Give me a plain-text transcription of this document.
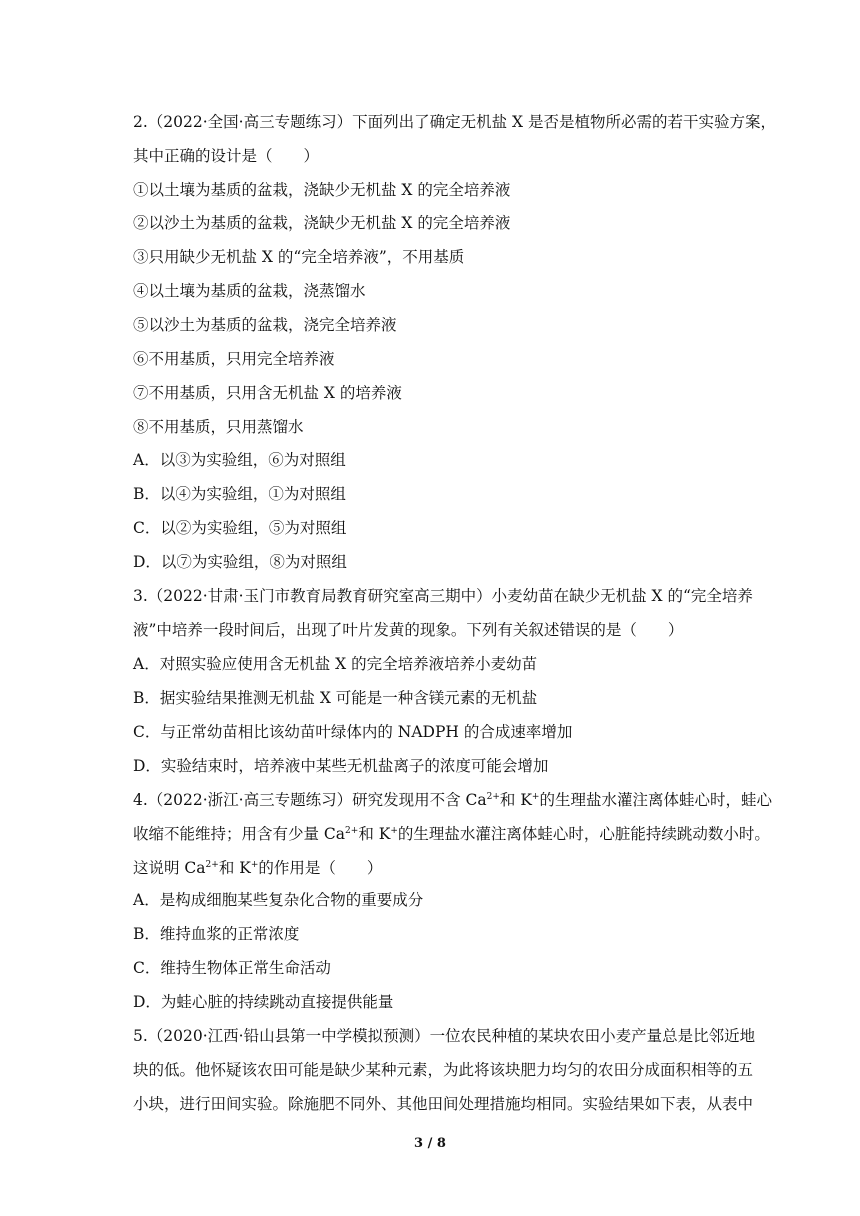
2.（2022·全国·高三专题练习）下面列出了确定无机盐 X 是否是植物所必需的若干实验方案，
其中正确的设计是（　　）
①以土壤为基质的盆栽，浇缺少无机盐 X 的完全培养液
②以沙土为基质的盆栽，浇缺少无机盐 X 的完全培养液
③只用缺少无机盐 X 的“完全培养液”，不用基质
④以土壤为基质的盆栽，浇蒸馏水
⑤以沙土为基质的盆栽，浇完全培养液
⑥不用基质，只用完全培养液
⑦不用基质，只用含无机盐 X 的培养液
⑧不用基质，只用蒸馏水
A．以③为实验组，⑥为对照组
B．以④为实验组，①为对照组
C．以②为实验组，⑤为对照组
D．以⑦为实验组，⑧为对照组
3.（2022·甘肃·玉门市教育局教育研究室高三期中）小麦幼苗在缺少无机盐 X 的“完全培养
液”中培养一段时间后，出现了叶片发黄的现象。下列有关叙述错误的是（　　）
A．对照实验应使用含无机盐 X 的完全培养液培养小麦幼苗
B．据实验结果推测无机盐 X 可能是一种含镁元素的无机盐
C．与正常幼苗相比该幼苗叶绿体内的 NADPH 的合成速率增加
D．实验结束时，培养液中某些无机盐离子的浓度可能会增加
4.（2022·浙江·高三专题练习）研究发现用不含 $Ca^{2+}$和 K+的生理盐水灌注离体蛙心时，蛙心
收缩不能维持；用含有少量 $Ca^{2+}$和 K+的生理盐水灌注离体蛙心时，心脏能持续跳动数小时。
这说明 $Ca^{2+}$和 K+的作用是（　　）
A．是构成细胞某些复杂化合物的重要成分
B．维持血浆的正常浓度
C．维持生物体正常生命活动
D．为蛙心脏的持续跳动直接提供能量
5.（2020·江西·铅山县第一中学模拟预测）一位农民种植的某块农田小麦产量总是比邻近地
块的低。他怀疑该农田可能是缺少某种元素，为此将该块肥力均匀的农田分成面积相等的五
小块，进行田间实验。除施肥不同外、其他田间处理措施均相同。实验结果如下表，从表中
3 / 8
